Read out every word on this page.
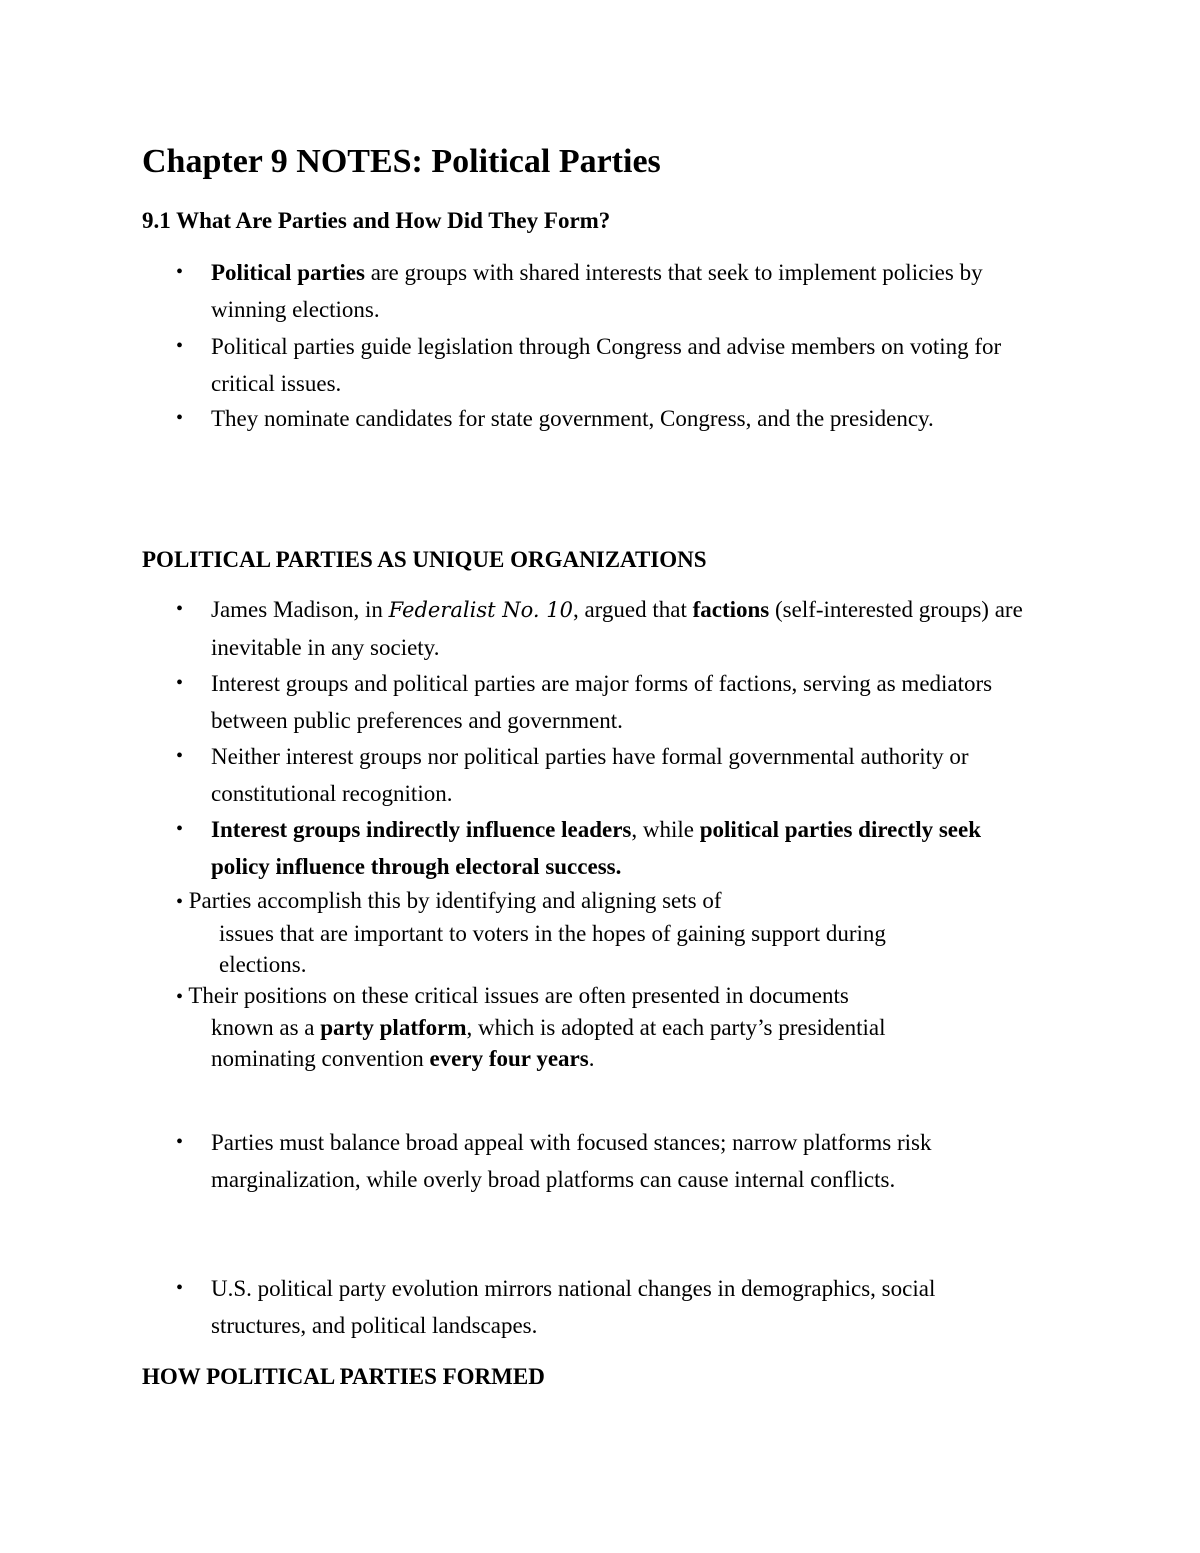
Chapter 9 NOTES: Political Parties
9.1 What Are Parties and How Did They Form?
• Political parties are groups with shared interests that seek to implement policies by winning elections.
• Political parties guide legislation through Congress and advise members on voting for critical issues.
• They nominate candidates for state government, Congress, and the presidency.
POLITICAL PARTIES AS UNIQUE ORGANIZATIONS
• James Madison, in Federalist No. 10, argued that factions (self-interested groups) are inevitable in any society.
• Interest groups and political parties are major forms of factions, serving as mediators between public preferences and government.
• Neither interest groups nor political parties have formal governmental authority or constitutional recognition.
• Interest groups indirectly influence leaders, while political parties directly seek policy influence through electoral success.
• Parties accomplish this by identifying and aligning sets of
issues that are important to voters in the hopes of gaining support during
elections.
• Their positions on these critical issues are often presented in documents
known as a party platform, which is adopted at each party’s presidential
nominating convention every four years.
• Parties must balance broad appeal with focused stances; narrow platforms risk marginalization, while overly broad platforms can cause internal conflicts.
• U.S. political party evolution mirrors national changes in demographics, social structures, and political landscapes.
HOW POLITICAL PARTIES FORMED
